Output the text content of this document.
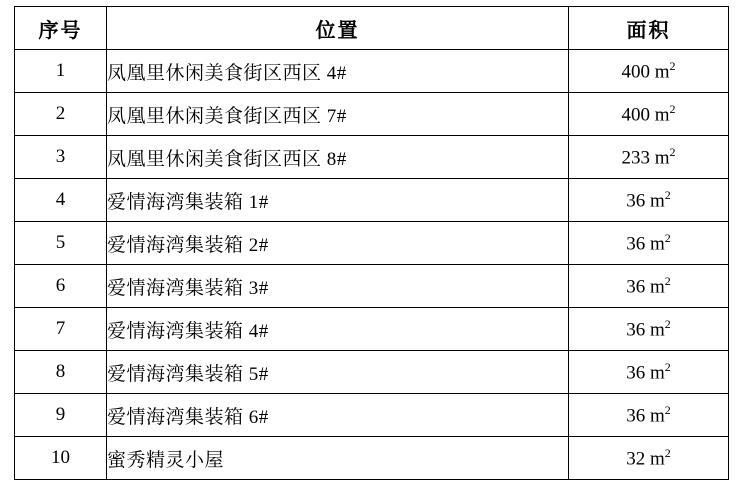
序号	位置	面积
1	凤凰里休闲美食街区西区 4#	400 $m^2$
2	凤凰里休闲美食街区西区 7#	400 $m^2$
3	凤凰里休闲美食街区西区 8#	233 $m^2$
4	爱情海湾集装箱 1#	36 $m^2$
5	爱情海湾集装箱 2#	36 $m^2$
6	爱情海湾集装箱 3#	36 $m^2$
7	爱情海湾集装箱 4#	36 $m^2$
8	爱情海湾集装箱 5#	36 $m^2$
9	爱情海湾集装箱 6#	36 $m^2$
10	蜜秀精灵小屋	32 $m^2$
